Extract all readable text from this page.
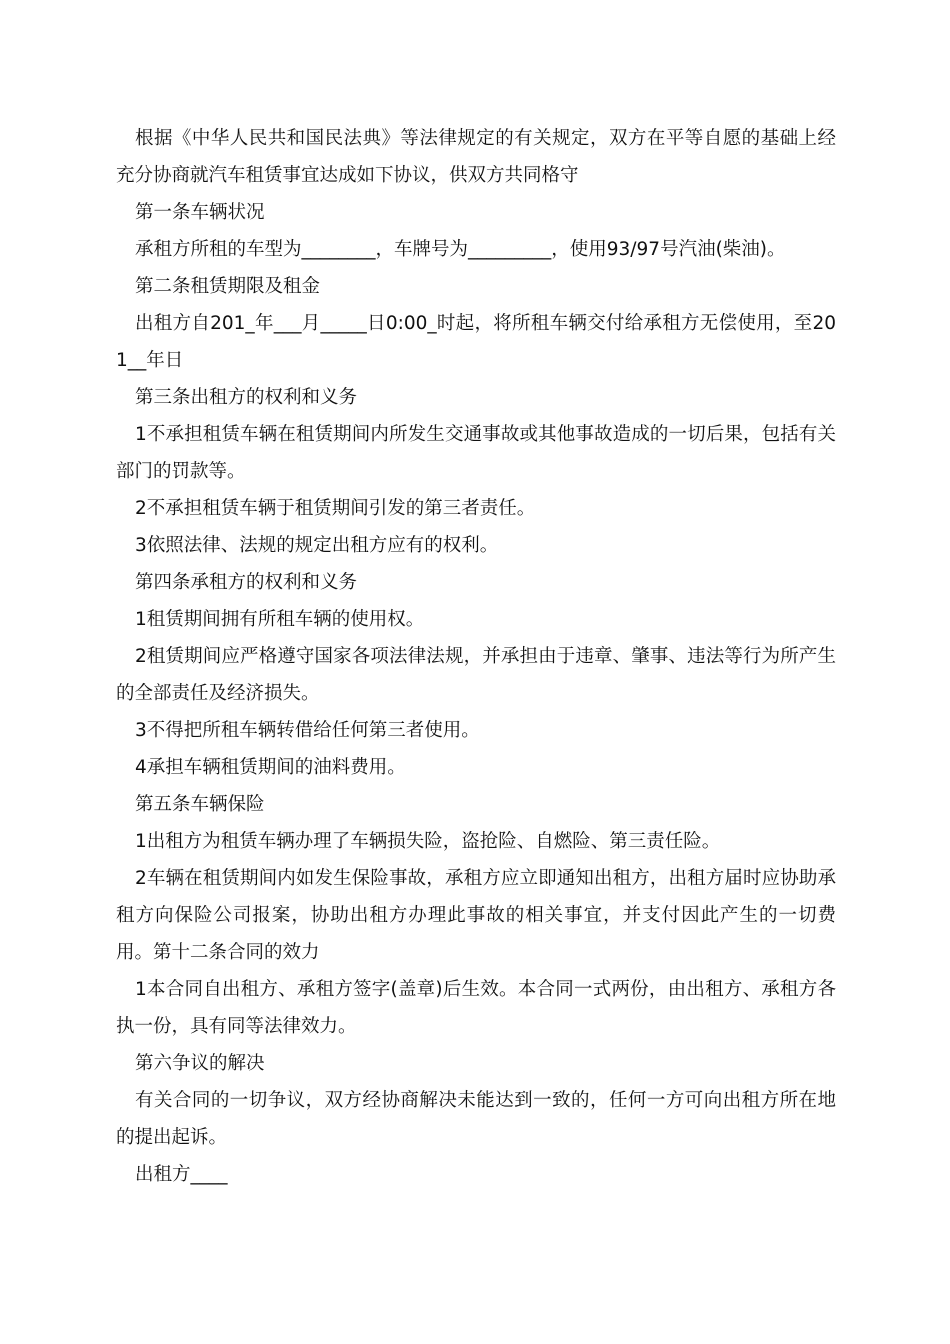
根据《中华人民共和国民法典》等法律规定的有关规定，双方在平等自愿的基础上经充分协商就汽车租赁事宜达成如下协议，供双方共同格守

第一条车辆状况

承租方所租的车型为________，车牌号为_________，使用93/97号汽油(柴油)。

第二条租赁期限及租金

出租方自201_年___月_____日0:00_时起，将所租车辆交付给承租方无偿使用，至201__年日

第三条出租方的权利和义务

1不承担租赁车辆在租赁期间内所发生交通事故或其他事故造成的一切后果，包括有关部门的罚款等。

2不承担租赁车辆于租赁期间引发的第三者责任。

3依照法律、法规的规定出租方应有的权利。

第四条承租方的权利和义务

1租赁期间拥有所租车辆的使用权。

2租赁期间应严格遵守国家各项法律法规，并承担由于违章、肇事、违法等行为所产生的全部责任及经济损失。

3不得把所租车辆转借给任何第三者使用。

4承担车辆租赁期间的油料费用。

第五条车辆保险

1出租方为租赁车辆办理了车辆损失险，盗抢险、自燃险、第三责任险。

2车辆在租赁期间内如发生保险事故，承租方应立即通知出租方，出租方届时应协助承租方向保险公司报案，协助出租方办理此事故的相关事宜，并支付因此产生的一切费用。第十二条合同的效力

1本合同自出租方、承租方签字(盖章)后生效。本合同一式两份，由出租方、承租方各执一份，具有同等法律效力。

第六争议的解决

有关合同的一切争议，双方经协商解决未能达到一致的，任何一方可向出租方所在地的提出起诉。

出租方____
